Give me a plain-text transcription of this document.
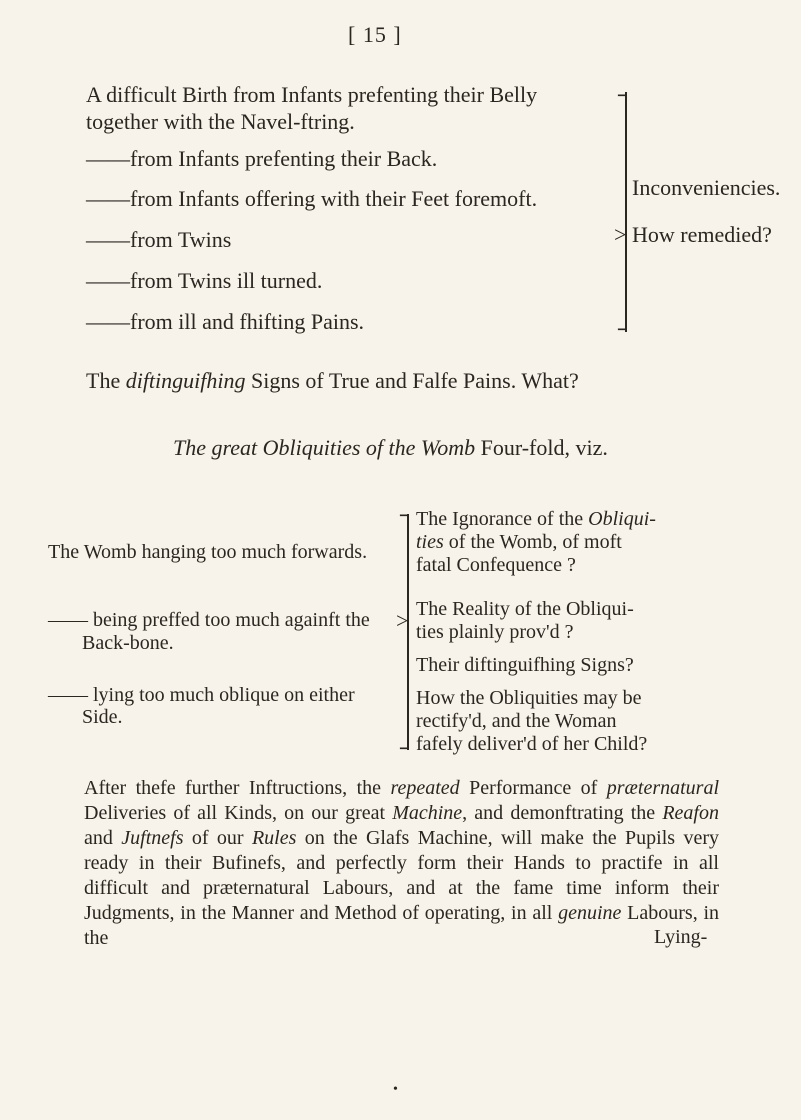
[ 15 ]
A difficult Birth from Infants prefenting their Belly
together with the Navel-ftring.
——from Infants prefenting their Back.
——from Infants offering with their Feet foremoft.
——from Twins
——from Twins ill turned.
——from ill and fhifting Pains.
┐
>
┘
Inconveniencies.
How remedied?
The diftinguifhing Signs of True and Falfe Pains. What?
The great Obliquities of the Womb Four-fold, viz.
The Womb hanging too much forwards.
—— being preffed too much againft the
Back-bone.
—— lying too much oblique on either
Side.
┐
>
┘
The Ignorance of the Obliqui-
ties of the Womb, of moft
fatal Confequence ?
The Reality of the Obliqui-
ties plainly prov'd ?
Their diftinguifhing Signs?
How the Obliquities may be
rectify'd, and the Woman
fafely deliver'd of her Child?
After thefe further Inftructions, the repeated Performance of præternatural Deliveries of all Kinds, on our great Machine, and demonftrating the Reafon and Juftnefs of our Rules on the Glafs Machine, will make the Pupils very ready in their Bufinefs, and perfectly form their Hands to practife in all difficult and præternatural Labours, and at the fame time inform their Judgments, in the Manner and Method of operating, in all genuine Labours, in the	Lying-
•
